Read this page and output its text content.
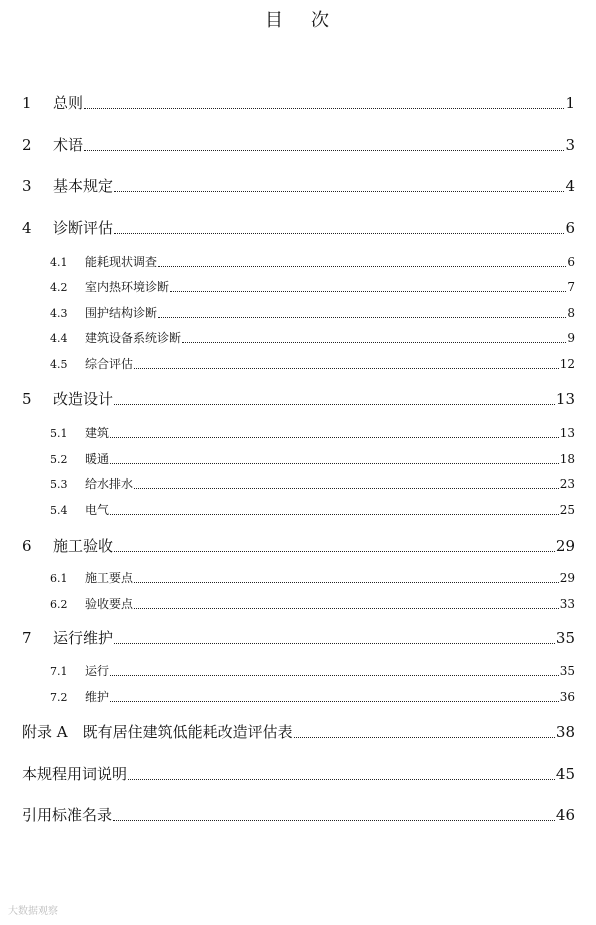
目 次
1	总则	1
2	术语	3
3	基本规定	4
4	诊断评估	6
4.1	能耗现状调查	6
4.2	室内热环境诊断	7
4.3	围护结构诊断	8
4.4	建筑设备系统诊断	9
4.5	综合评估	12
5	改造设计	13
5.1	建筑	13
5.2	暖通	18
5.3	给水排水	23
5.4	电气	25
6	施工验收	29
6.1	施工要点	29
6.2	验收要点	33
7	运行维护	35
7.1	运行	35
7.2	维护	36
附录 A　既有居住建筑低能耗改造评估表	38
本规程用词说明	45
引用标准名录	46
大数据观察
